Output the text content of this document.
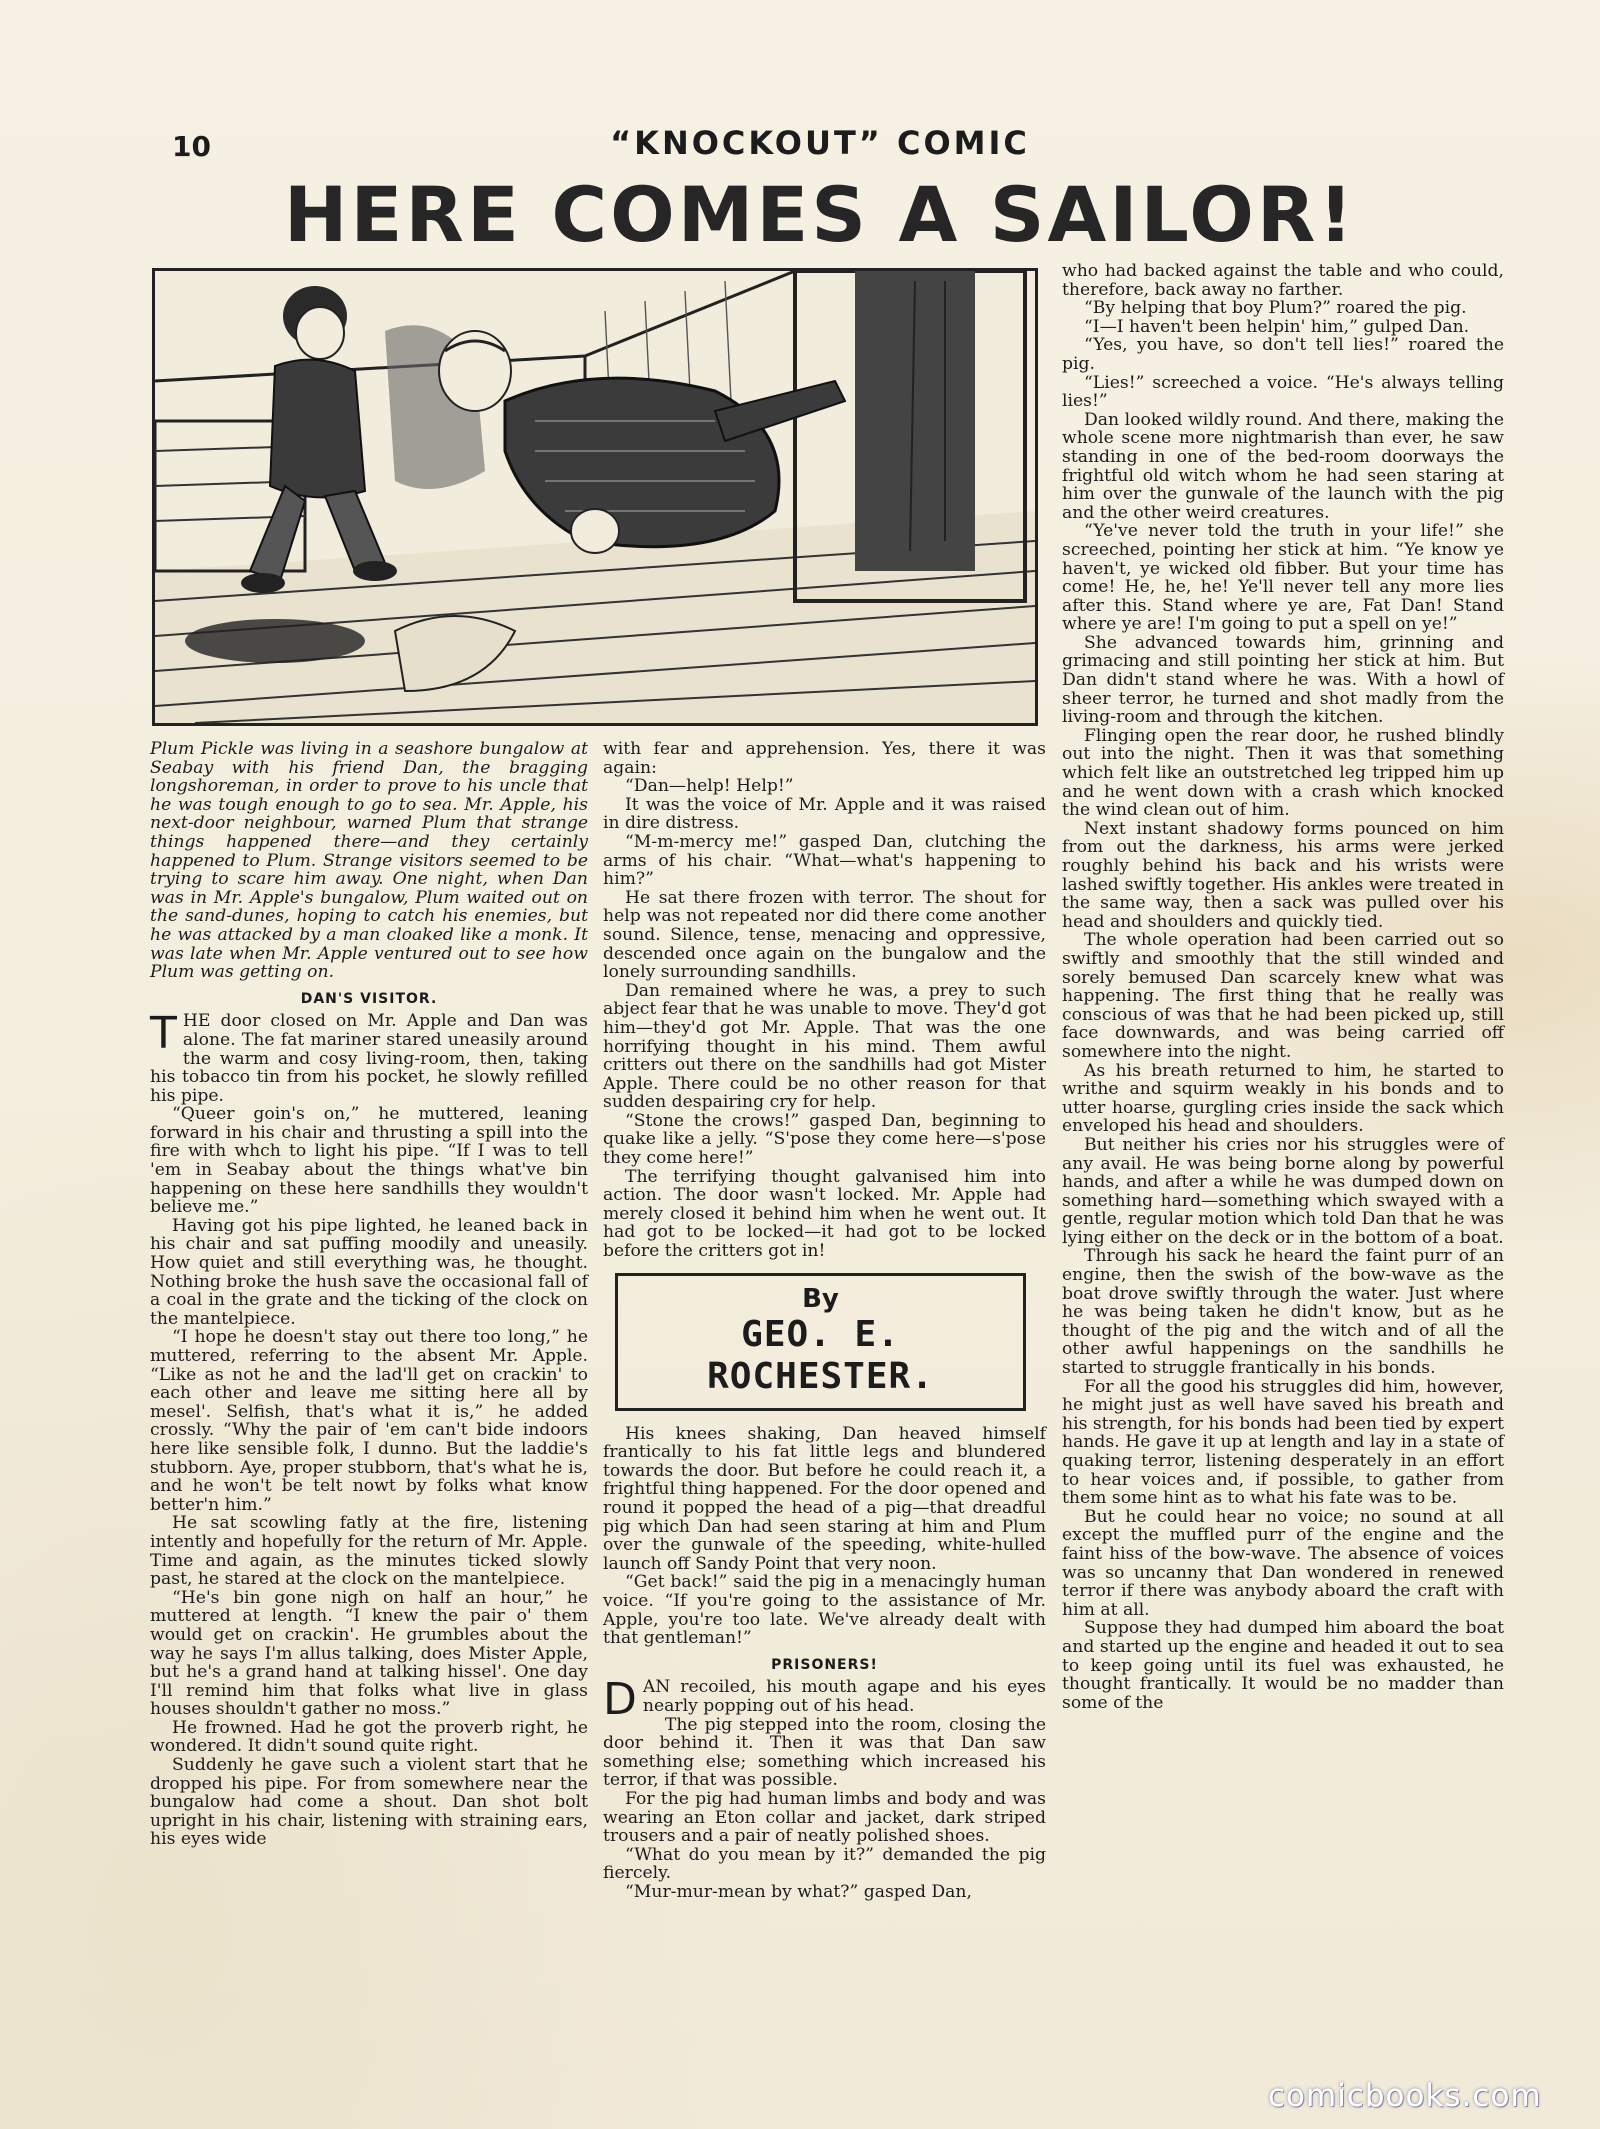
10	“KNOCKOUT” COMIC
HERE COMES A SAILOR!

Plum Pickle was living in a seashore bungalow at Seabay with his friend Dan, the bragging longshoreman, in order to prove to his uncle that he was tough enough to go to sea. Mr. Apple, his next-door neighbour, warned Plum that strange things happened there—and they certainly happened to Plum. Strange visitors seemed to be trying to scare him away. One night, when Dan was in Mr. Apple's bungalow, Plum waited out on the sand-dunes, hoping to catch his enemies, but he was attacked by a man cloaked like a monk. It was late when Mr. Apple ventured out to see how Plum was getting on.

DAN'S VISITOR.

THE door closed on Mr. Apple and Dan was alone. The fat mariner stared uneasily around the warm and cosy living-room, then, taking his tobacco tin from his pocket, he slowly refilled his pipe.

“Queer goin's on,” he muttered, leaning forward in his chair and thrusting a spill into the fire with whch to light his pipe. “If I was to tell 'em in Seabay about the things what've bin happening on these here sandhills they wouldn't believe me.”

Having got his pipe lighted, he leaned back in his chair and sat puffing moodily and uneasily. How quiet and still everything was, he thought. Nothing broke the hush save the occasional fall of a coal in the grate and the ticking of the clock on the mantelpiece.

“I hope he doesn't stay out there too long,” he muttered, referring to the absent Mr. Apple. “Like as not he and the lad'll get on crackin' to each other and leave me sitting here all by mesel'. Selfish, that's what it is,” he added crossly. “Why the pair of 'em can't bide indoors here like sensible folk, I dunno. But the laddie's stubborn. Aye, proper stubborn, that's what he is, and he won't be telt nowt by folks what know better'n him.”

He sat scowling fatly at the fire, listening intently and hopefully for the return of Mr. Apple. Time and again, as the minutes ticked slowly past, he stared at the clock on the mantelpiece.

“He's bin gone nigh on half an hour,” he muttered at length. “I knew the pair o' them would get on crackin'. He grumbles about the way he says I'm allus talking, does Mister Apple, but he's a grand hand at talking hissel'. One day I'll remind him that folks what live in glass houses shouldn't gather no moss.”

He frowned. Had he got the proverb right, he wondered. It didn't sound quite right.

Suddenly he gave such a violent start that he dropped his pipe. For from somewhere near the bungalow had come a shout. Dan shot bolt upright in his chair, listening with straining ears, his eyes wide

with fear and apprehension. Yes, there it was again:

“Dan—help! Help!”

It was the voice of Mr. Apple and it was raised in dire distress.

“M-m-mercy me!” gasped Dan, clutching the arms of his chair. “What—what's happening to him?”

He sat there frozen with terror. The shout for help was not repeated nor did there come another sound. Silence, tense, menacing and oppressive, descended once again on the bungalow and the lonely surrounding sandhills.

Dan remained where he was, a prey to such abject fear that he was unable to move. They'd got him—they'd got Mr. Apple. That was the one horrifying thought in his mind. Them awful critters out there on the sandhills had got Mister Apple. There could be no other reason for that sudden despairing cry for help.

“Stone the crows!” gasped Dan, beginning to quake like a jelly. “S'pose they come here—s'pose they come here!”

The terrifying thought galvanised him into action. The door wasn't locked. Mr. Apple had merely closed it behind him when he went out. It had got to be locked—it had got to be locked before the critters got in!

By
GEO. E. ROCHESTER.

His knees shaking, Dan heaved himself frantically to his fat little legs and blundered towards the door. But before he could reach it, a frightful thing happened. For the door opened and round it popped the head of a pig—that dreadful pig which Dan had seen staring at him and Plum over the gunwale of the speeding, white-hulled launch off Sandy Point that very noon.

“Get back!” said the pig in a menacingly human voice. “If you're going to the assistance of Mr. Apple, you're too late. We've already dealt with that gentleman!”

PRISONERS!

DAN recoiled, his mouth agape and his eyes nearly popping out of his head.

The pig stepped into the room, closing the door behind it. Then it was that Dan saw something else; something which increased his terror, if that was possible.

For the pig had human limbs and body and was wearing an Eton collar and jacket, dark striped trousers and a pair of neatly polished shoes.

“What do you mean by it?” demanded the pig fiercely.

“Mur-mur-mean by what?” gasped Dan,

who had backed against the table and who could, therefore, back away no farther.

“By helping that boy Plum?” roared the pig.

“I—I haven't been helpin' him,” gulped Dan.

“Yes, you have, so don't tell lies!” roared the pig.

“Lies!” screeched a voice. “He's always telling lies!”

Dan looked wildly round. And there, making the whole scene more nightmarish than ever, he saw standing in one of the bed-room doorways the frightful old witch whom he had seen staring at him over the gunwale of the launch with the pig and the other weird creatures.

“Ye've never told the truth in your life!” she screeched, pointing her stick at him. “Ye know ye haven't, ye wicked old fibber. But your time has come! He, he, he! Ye'll never tell any more lies after this. Stand where ye are, Fat Dan! Stand where ye are! I'm going to put a spell on ye!”

She advanced towards him, grinning and grimacing and still pointing her stick at him. But Dan didn't stand where he was. With a howl of sheer terror, he turned and shot madly from the living-room and through the kitchen.

Flinging open the rear door, he rushed blindly out into the night. Then it was that something which felt like an outstretched leg tripped him up and he went down with a crash which knocked the wind clean out of him.

Next instant shadowy forms pounced on him from out the darkness, his arms were jerked roughly behind his back and his wrists were lashed swiftly together. His ankles were treated in the same way, then a sack was pulled over his head and shoulders and quickly tied.

The whole operation had been carried out so swiftly and smoothly that the still winded and sorely bemused Dan scarcely knew what was happening. The first thing that he really was conscious of was that he had been picked up, still face downwards, and was being carried off somewhere into the night.

As his breath returned to him, he started to writhe and squirm weakly in his bonds and to utter hoarse, gurgling cries inside the sack which enveloped his head and shoulders.

But neither his cries nor his struggles were of any avail. He was being borne along by powerful hands, and after a while he was dumped down on something hard—something which swayed with a gentle, regular motion which told Dan that he was lying either on the deck or in the bottom of a boat.

Through his sack he heard the faint purr of an engine, then the swish of the bow-wave as the boat drove swiftly through the water. Just where he was being taken he didn't know, but as he thought of the pig and the witch and of all the other awful happenings on the sandhills he started to struggle frantically in his bonds.

For all the good his struggles did him, however, he might just as well have saved his breath and his strength, for his bonds had been tied by expert hands. He gave it up at length and lay in a state of quaking terror, listening desperately in an effort to hear voices and, if possible, to gather from them some hint as to what his fate was to be.

But he could hear no voice; no sound at all except the muffled purr of the engine and the faint hiss of the bow-wave. The absence of voices was so uncanny that Dan wondered in renewed terror if there was anybody aboard the craft with him at all.

Suppose they had dumped him aboard the boat and started up the engine and headed it out to sea to keep going until its fuel was exhausted, he thought frantically. It would be no madder than some of the

comicbooks.com
